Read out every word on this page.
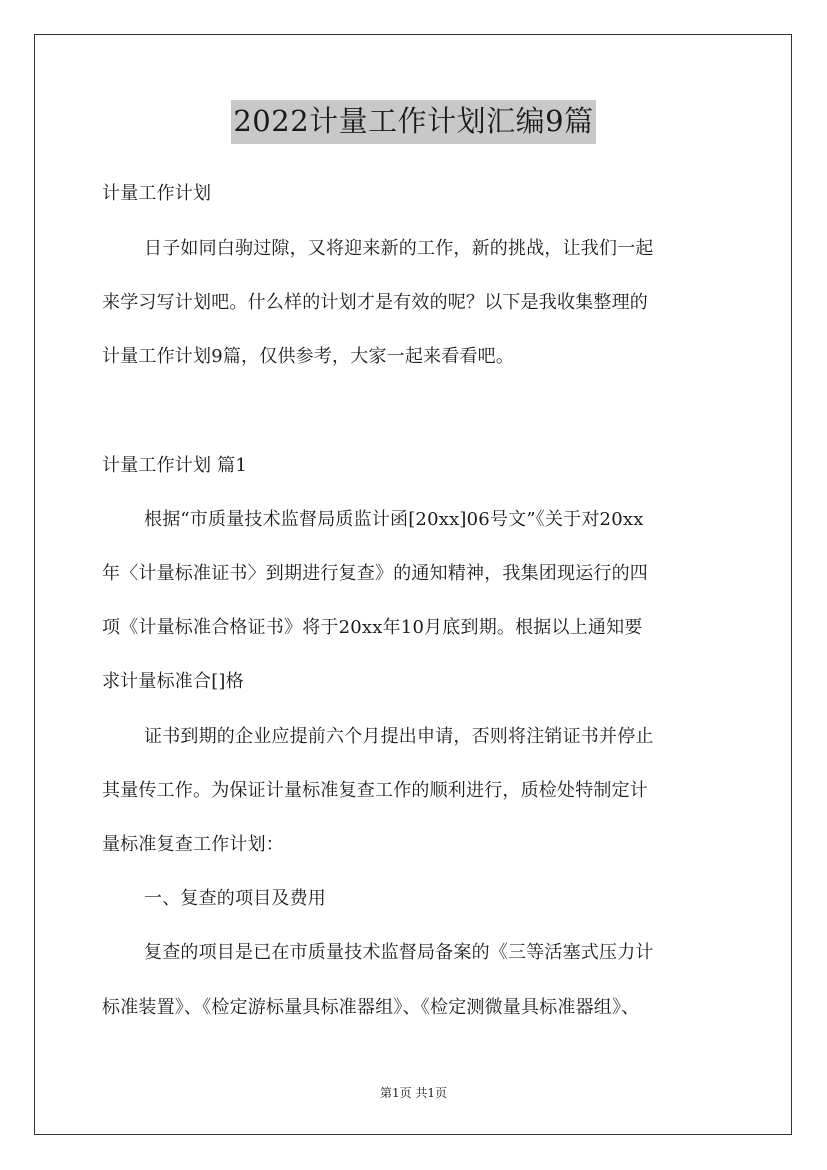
2022计量工作计划汇编9篇
计量工作计划
日子如同白驹过隙，又将迎来新的工作，新的挑战，让我们一起
来学习写计划吧。什么样的计划才是有效的呢？以下是我收集整理的
计量工作计划9篇，仅供参考，大家一起来看看吧。
计量工作计划 篇1
根据“市质量技术监督局质监计函[20xx]06号文”《关于对20xx
年〈计量标准证书〉到期进行复查》的通知精神，我集团现运行的四
项《计量标准合格证书》将于20xx年10月底到期。根据以上通知要
求计量标准合[]格
证书到期的企业应提前六个月提出申请，否则将注销证书并停止
其量传工作。为保证计量标准复查工作的顺利进行，质检处特制定计
量标准复查工作计划：
一、复查的项目及费用
复查的项目是已在市质量技术监督局备案的《三等活塞式压力计
标准装置》、《检定游标量具标准器组》、《检定测微量具标准器组》、
第1页 共1页
